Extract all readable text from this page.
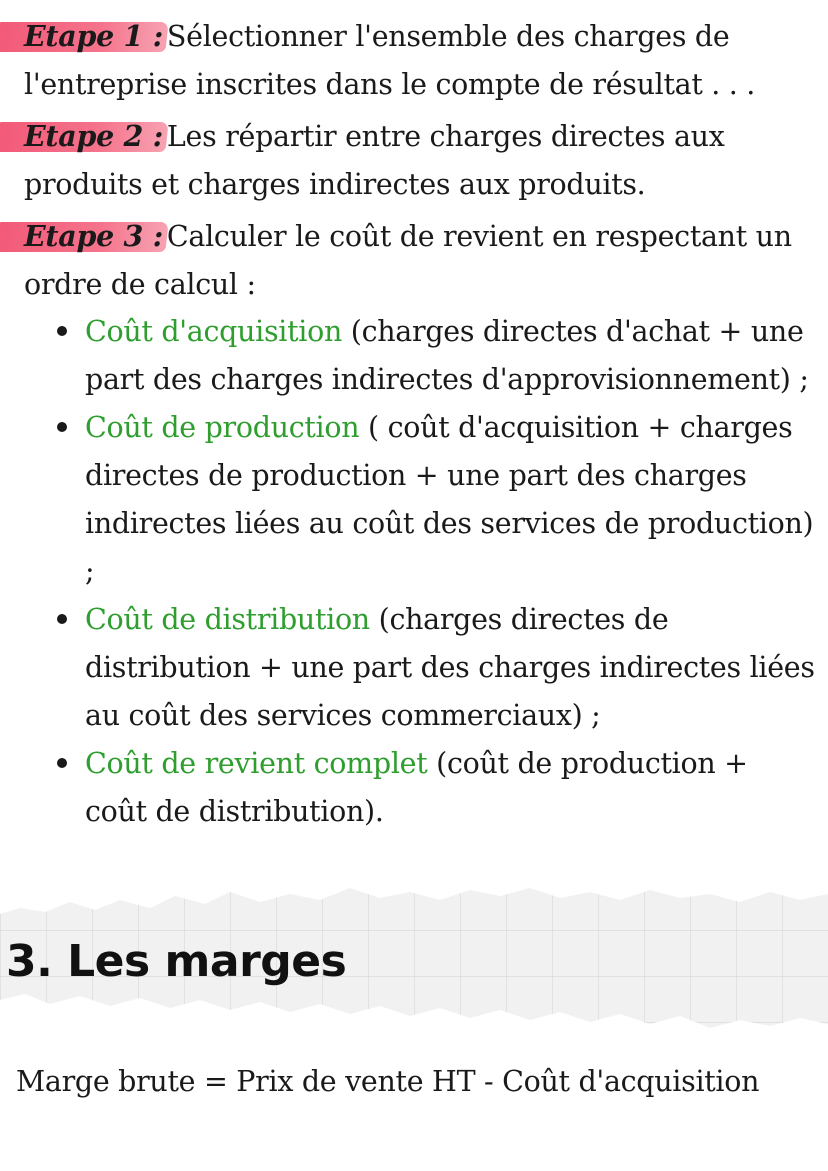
Etape 1 : Sélectionner l'ensemble des charges de l'entreprise inscrites dans le compte de résultat . . .

Etape 2 : Les répartir entre charges directes aux produits et charges indirectes aux produits.

Etape 3 : Calculer le coût de revient en respectant un ordre de calcul :

Coût d'acquisition (charges directes d'achat + une part des charges indirectes d'approvisionnement) ;
Coût de production ( coût d'acquisition + charges directes de production + une part des charges indirectes liées au coût des services de production) ;
Coût de distribution (charges directes de distribution + une part des charges indirectes liées au coût des services commerciaux) ;
Coût de revient complet (coût de production + coût de distribution).
3. Les marges

Marge brute = Prix de vente HT - Coût d'acquisition
